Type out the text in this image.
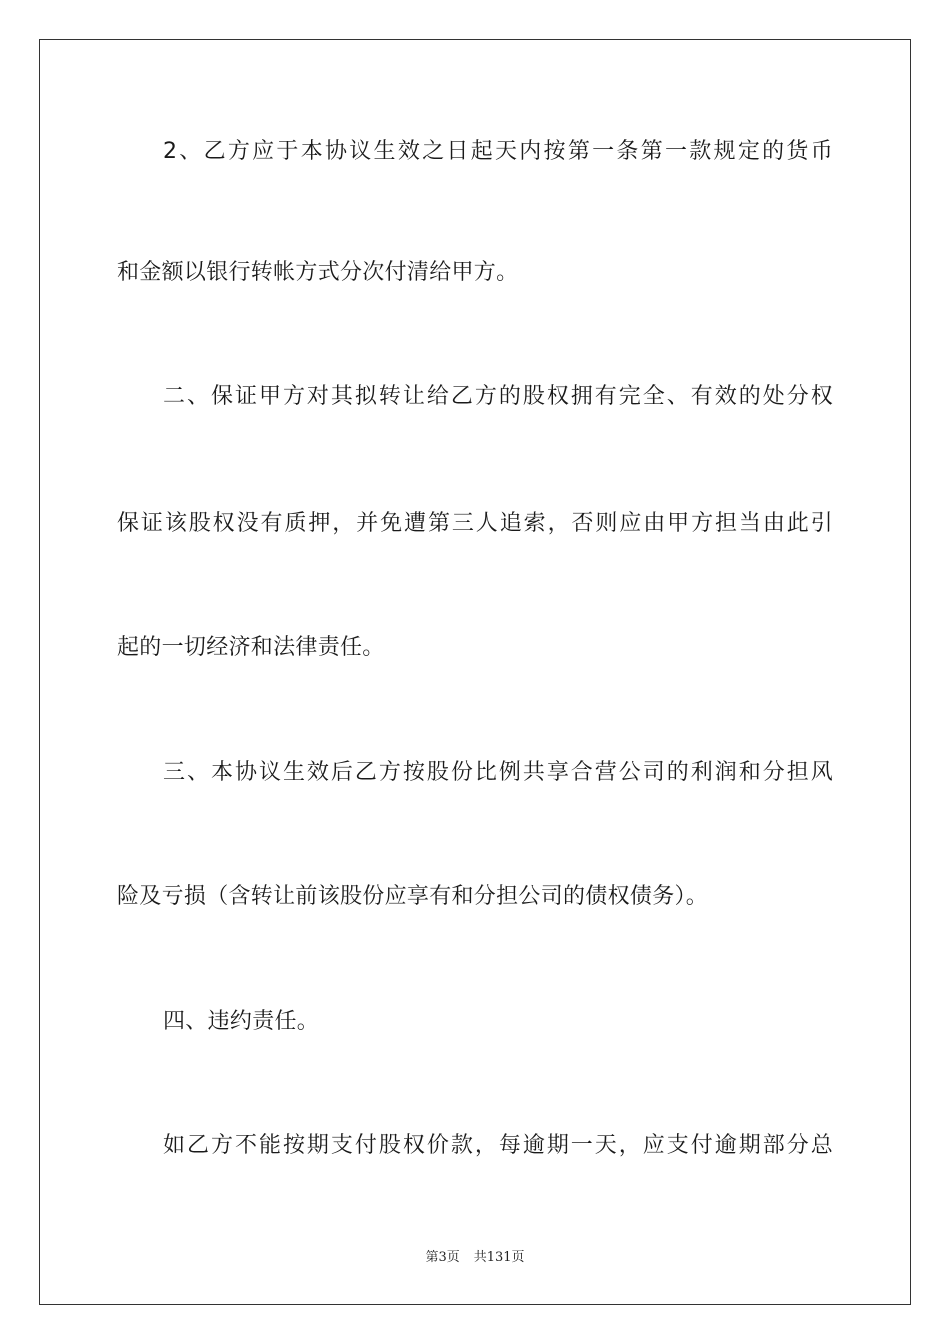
2、乙方应于本协议生效之日起天内按第一条第一款规定的货币
和金额以银行转帐方式分次付清给甲方。
二、保证甲方对其拟转让给乙方的股权拥有完全、有效的处分权
保证该股权没有质押，并免遭第三人追索，否则应由甲方担当由此引
起的一切经济和法律责任。
三、本协议生效后乙方按股份比例共享合营公司的利润和分担风
险及亏损（含转让前该股份应享有和分担公司的债权债务）。
四、违约责任。
如乙方不能按期支付股权价款，每逾期一天，应支付逾期部分总
第3页 共131页
